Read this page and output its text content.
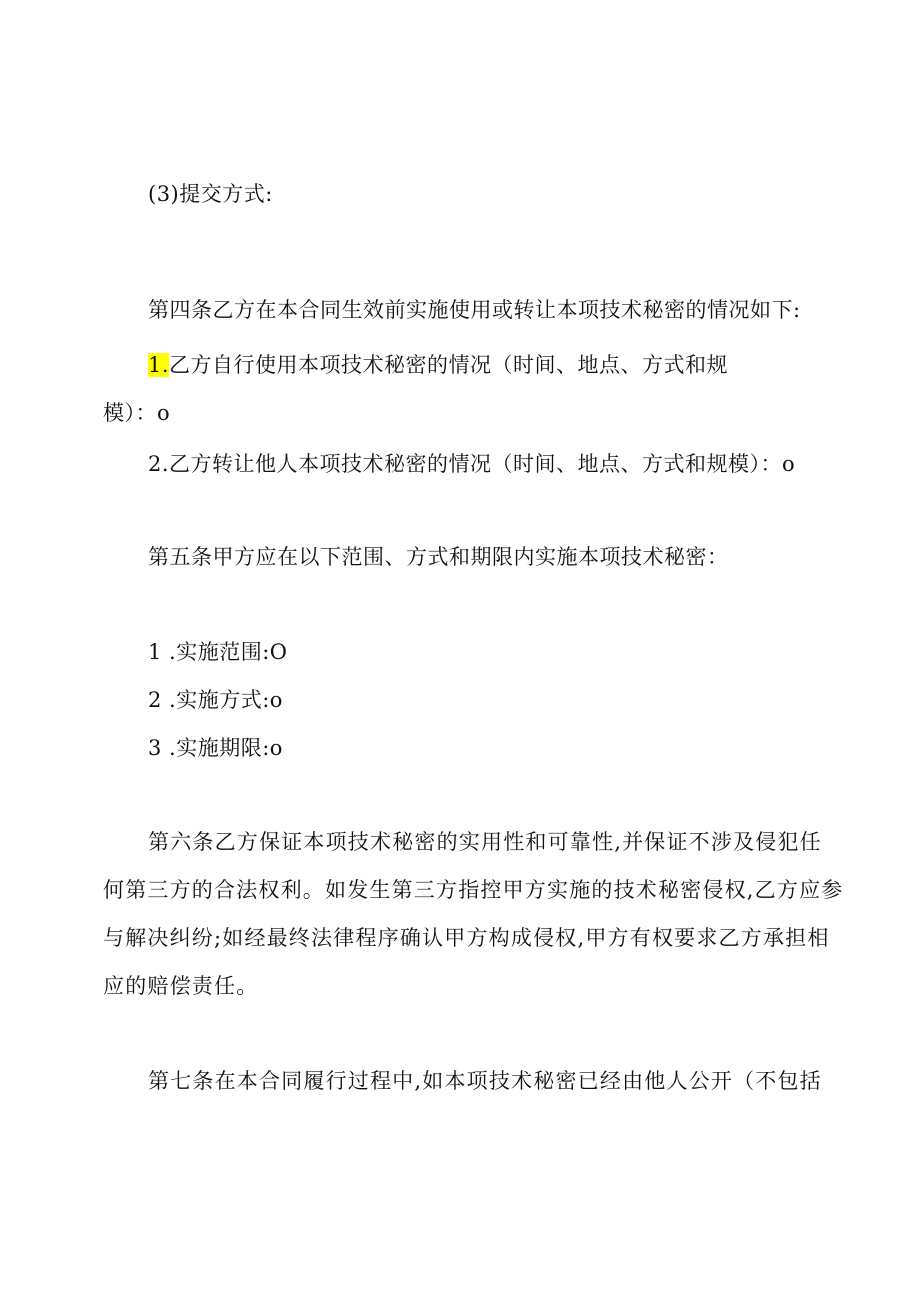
(3)提交方式:
第四条乙方在本合同生效前实施使用或转让本项技术秘密的情况如下:
1.乙方自行使用本项技术秘密的情况（时间、地点、方式和规
模）：o
2.乙方转让他人本项技术秘密的情况（时间、地点、方式和规模）：o
第五条甲方应在以下范围、方式和期限内实施本项技术秘密：
1 .实施范围:O
2 .实施方式:o
3 .实施期限:o
第六条乙方保证本项技术秘密的实用性和可靠性,并保证不涉及侵犯任
何第三方的合法权利。如发生第三方指控甲方实施的技术秘密侵权,乙方应参
与解决纠纷;如经最终法律程序确认甲方构成侵权,甲方有权要求乙方承担相
应的赔偿责任。
第七条在本合同履行过程中,如本项技术秘密已经由他人公开（不包括
